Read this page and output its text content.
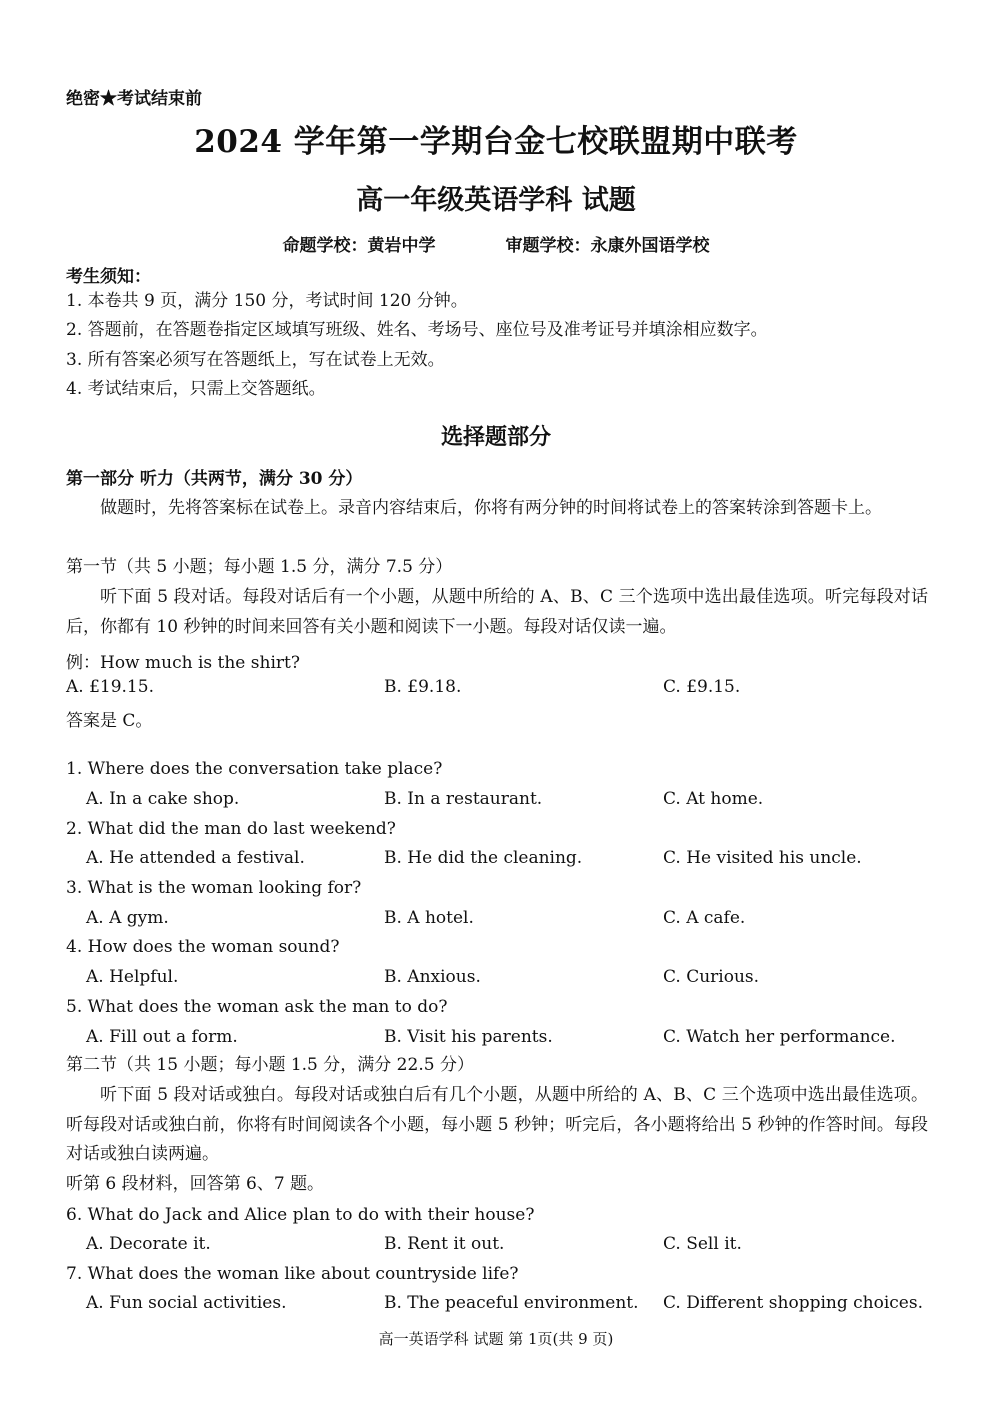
绝密★考试结束前
2024 学年第一学期台金七校联盟期中联考
高一年级英语学科 试题
命题学校：黄岩中学	审题学校：永康外国语学校
考生须知：
1. 本卷共 9 页，满分 150 分，考试时间 120 分钟。
2. 答题前，在答题卷指定区域填写班级、姓名、考场号、座位号及准考证号并填涂相应数字。
3. 所有答案必须写在答题纸上，写在试卷上无效。
4. 考试结束后，只需上交答题纸。
选择题部分
第一部分 听力（共两节，满分 30 分）
做题时，先将答案标在试卷上。录音内容结束后，你将有两分钟的时间将试卷上的答案转涂到答题卡上。
第一节（共 5 小题；每小题 1.5 分，满分 7.5 分）
听下面 5 段对话。每段对话后有一个小题，从题中所给的 A、B、C 三个选项中选出最佳选项。听完每段对话后，你都有 10 秒钟的时间来回答有关小题和阅读下一小题。每段对话仅读一遍。
例：How much is the shirt?
A. £19.15.	B. £9.18.	C. £9.15.
答案是 C。
1. Where does the conversation take place?
A. In a cake shop.	B. In a restaurant.	C. At home.
2. What did the man do last weekend?
A. He attended a festival.	B. He did the cleaning.	C. He visited his uncle.
3. What is the woman looking for?
A. A gym.	B. A hotel.	C. A cafe.
4. How does the woman sound?
A. Helpful.	B. Anxious.	C. Curious.
5. What does the woman ask the man to do?
A. Fill out a form.	B. Visit his parents.	C. Watch her performance.
第二节（共 15 小题；每小题 1.5 分，满分 22.5 分）
听下面 5 段对话或独白。每段对话或独白后有几个小题，从题中所给的 A、B、C 三个选项中选出最佳选项。听每段对话或独白前，你将有时间阅读各个小题，每小题 5 秒钟；听完后，各小题将给出 5 秒钟的作答时间。每段对话或独白读两遍。
听第 6 段材料，回答第 6、7 题。
6. What do Jack and Alice plan to do with their house?
A. Decorate it.	B. Rent it out.	C. Sell it.
7. What does the woman like about countryside life?
A. Fun social activities.	B. The peaceful environment. C. Different shopping choices.
高一英语学科 试题 第 1页(共 9 页)
